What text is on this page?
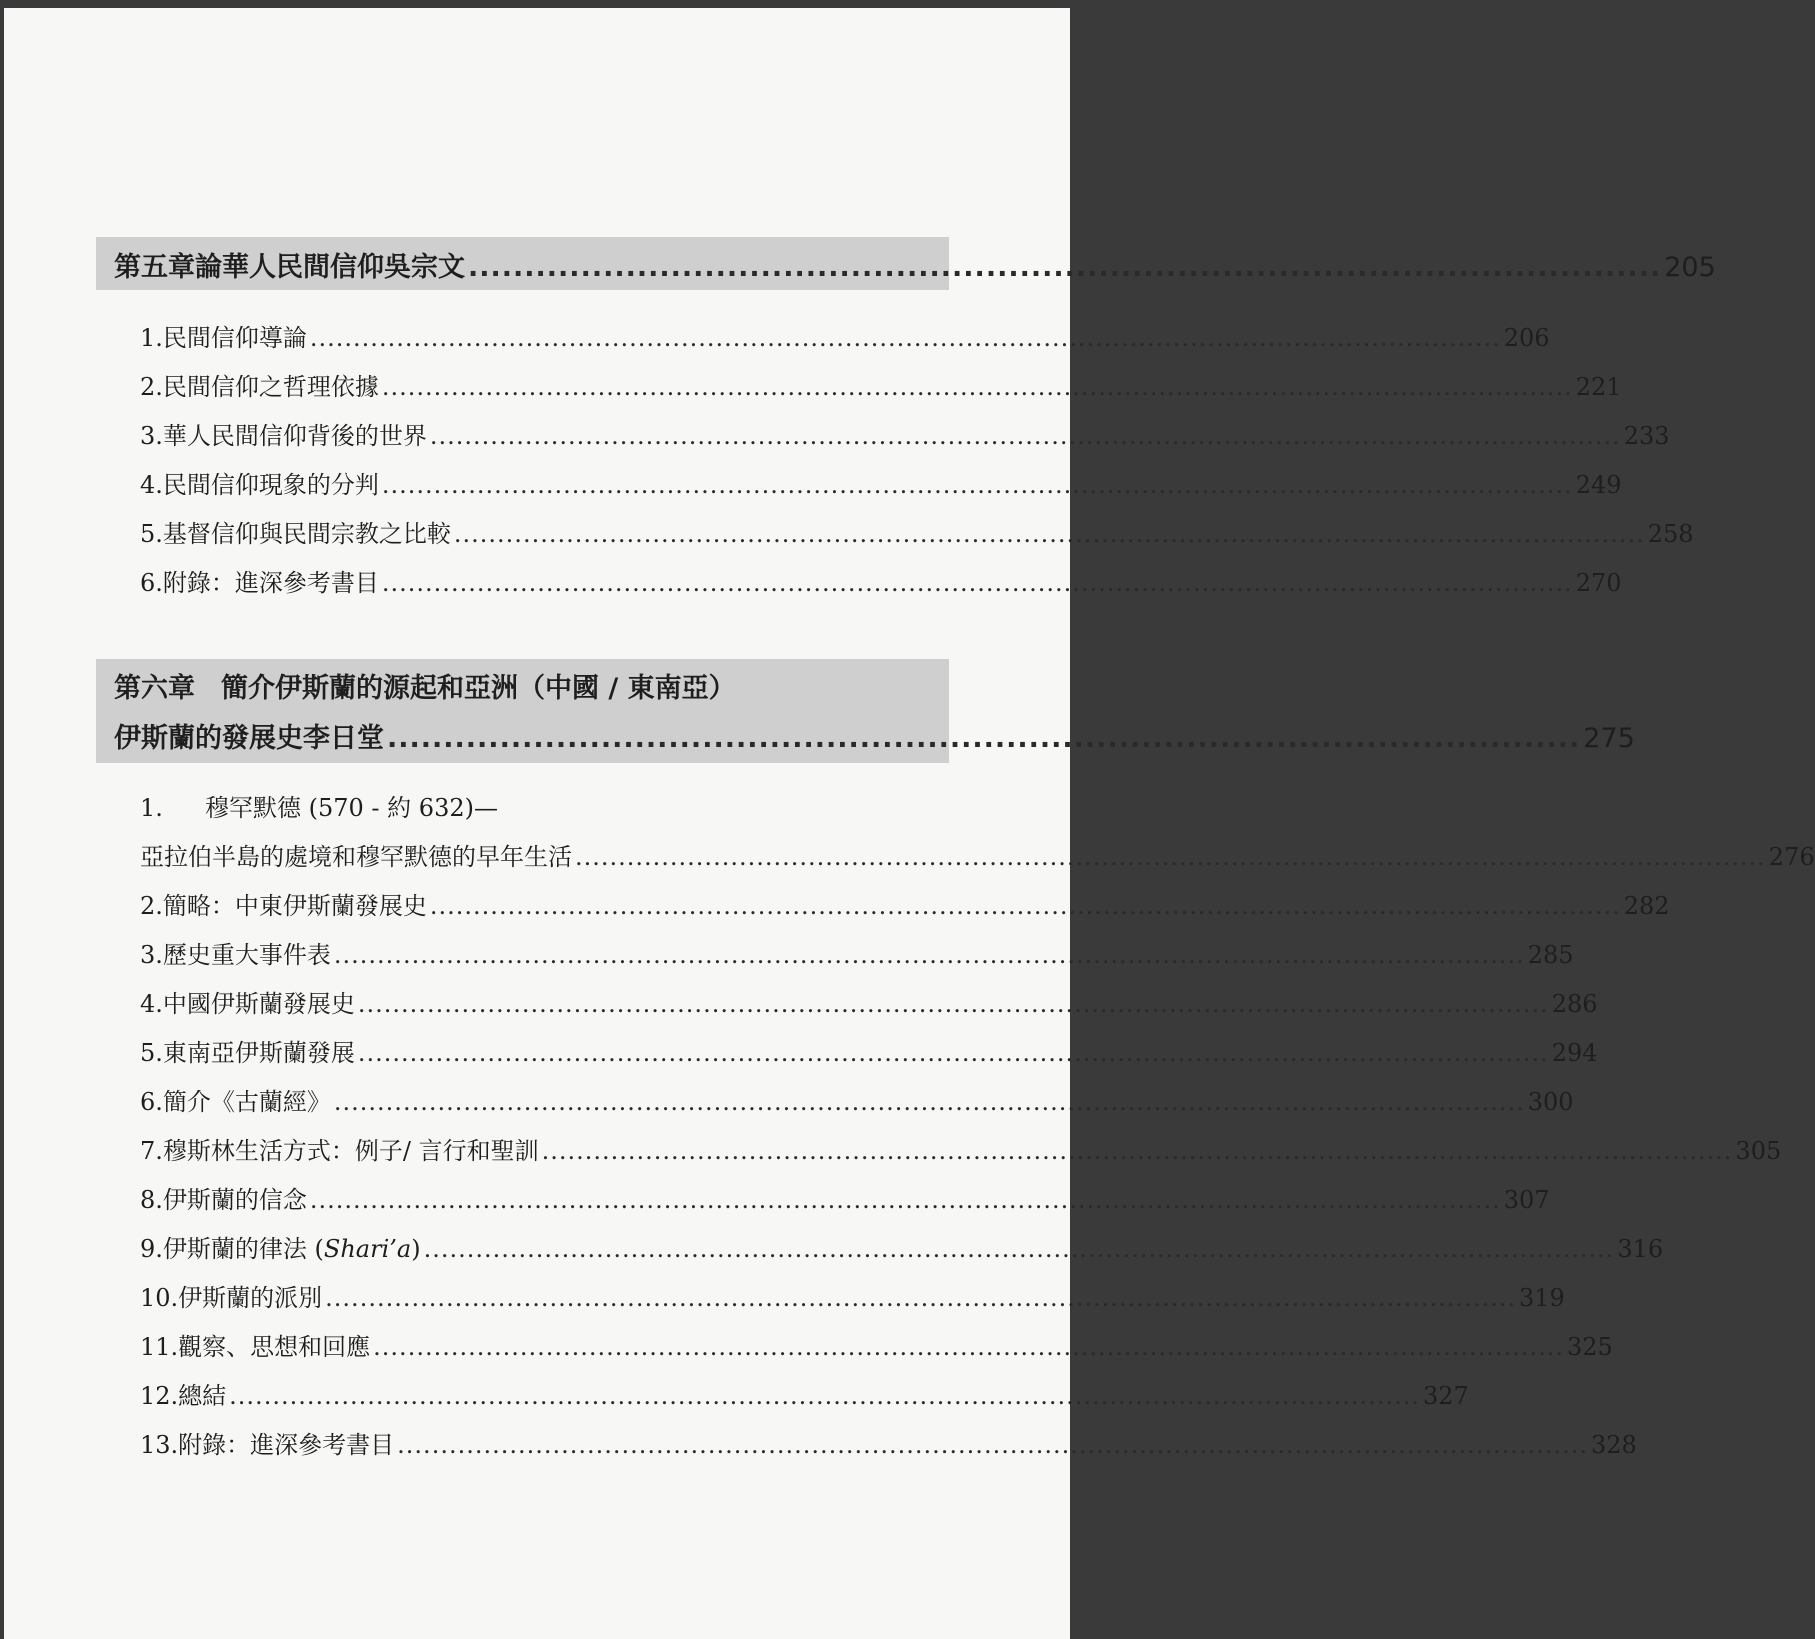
第五章 論華人民間信仰 吳宗文 .......................................................................................................... 205
1. 民間信仰導論 .......................................................................................................................................... 206
2. 民間信仰之哲理依據 .......................................................................................................................................... 221
3. 華人民間信仰背後的世界 .......................................................................................................................................... 233
4. 民間信仰現象的分判 .......................................................................................................................................... 249
5. 基督信仰與民間宗教之比較 .......................................................................................................................................... 258
6. 附錄：進深參考書目 .......................................................................................................................................... 270
第六章 簡介伊斯蘭的源起和亞洲（中國 / 東南亞）
伊斯蘭的發展史 李日堂 .......................................................................................................... 275
1.	穆罕默德 (570 - 約 632)—
亞拉伯半島的處境和穆罕默德的早年生活 .......................................................................................................................................... 276
2. 簡略：中東伊斯蘭發展史 .......................................................................................................................................... 282
3. 歷史重大事件表 .......................................................................................................................................... 285
4. 中國伊斯蘭發展史 .......................................................................................................................................... 286
5. 東南亞伊斯蘭發展 .......................................................................................................................................... 294
6. 簡介《古蘭經》 .......................................................................................................................................... 300
7. 穆斯林生活方式：例子/ 言行和聖訓 .......................................................................................................................................... 305
8. 伊斯蘭的信念 .......................................................................................................................................... 307
9. 伊斯蘭的律法 (Shari’a) .......................................................................................................................................... 316
10. 伊斯蘭的派別 .......................................................................................................................................... 319
11. 觀察、思想和回應 .......................................................................................................................................... 325
12. 總結 .......................................................................................................................................... 327
13. 附錄：進深參考書目 .......................................................................................................................................... 328
